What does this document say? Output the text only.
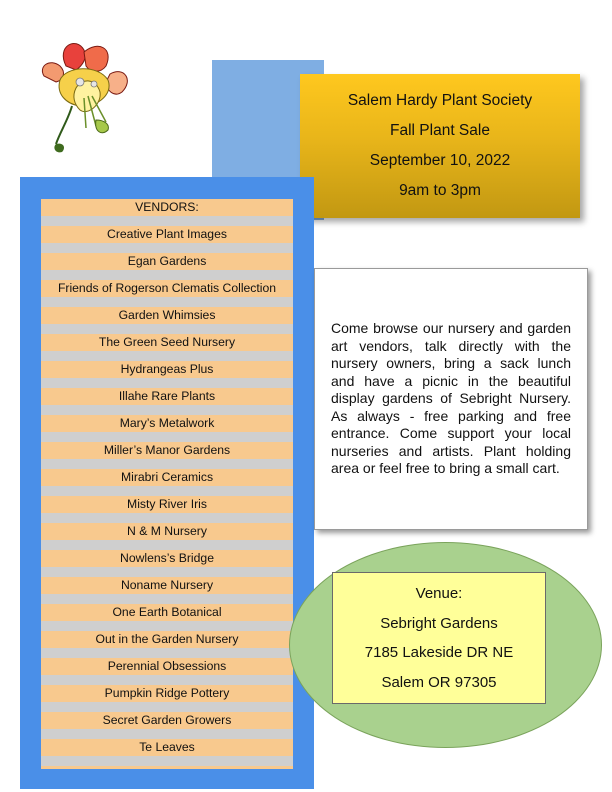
Salem Hardy Plant Society
Fall Plant Sale
September 10, 2022
9am to 3pm
VENDORS:
Creative Plant Images
Egan Gardens
Friends of Rogerson Clematis Collection
Garden Whimsies
The Green Seed Nursery
Hydrangeas Plus
Illahe Rare Plants
Mary’s Metalwork
Miller’s Manor Gardens
Mirabri Ceramics
Misty River Iris
N & M Nursery
Nowlens’s Bridge
Noname Nursery
One Earth Botanical
Out in the Garden Nursery
Perennial Obsessions
Pumpkin Ridge Pottery
Secret Garden Growers
Te Leaves

Come browse our nursery and garden art vendors, talk directly with the nursery owners, bring a sack lunch and have a picnic in the beautiful display gardens of Sebright Nursery. As always - free parking and free entrance. Come support your local nurseries and artists. Plant holding area or feel free to bring a small cart.

Venue:
Sebright Gardens
7185 Lakeside DR NE
Salem OR 97305
